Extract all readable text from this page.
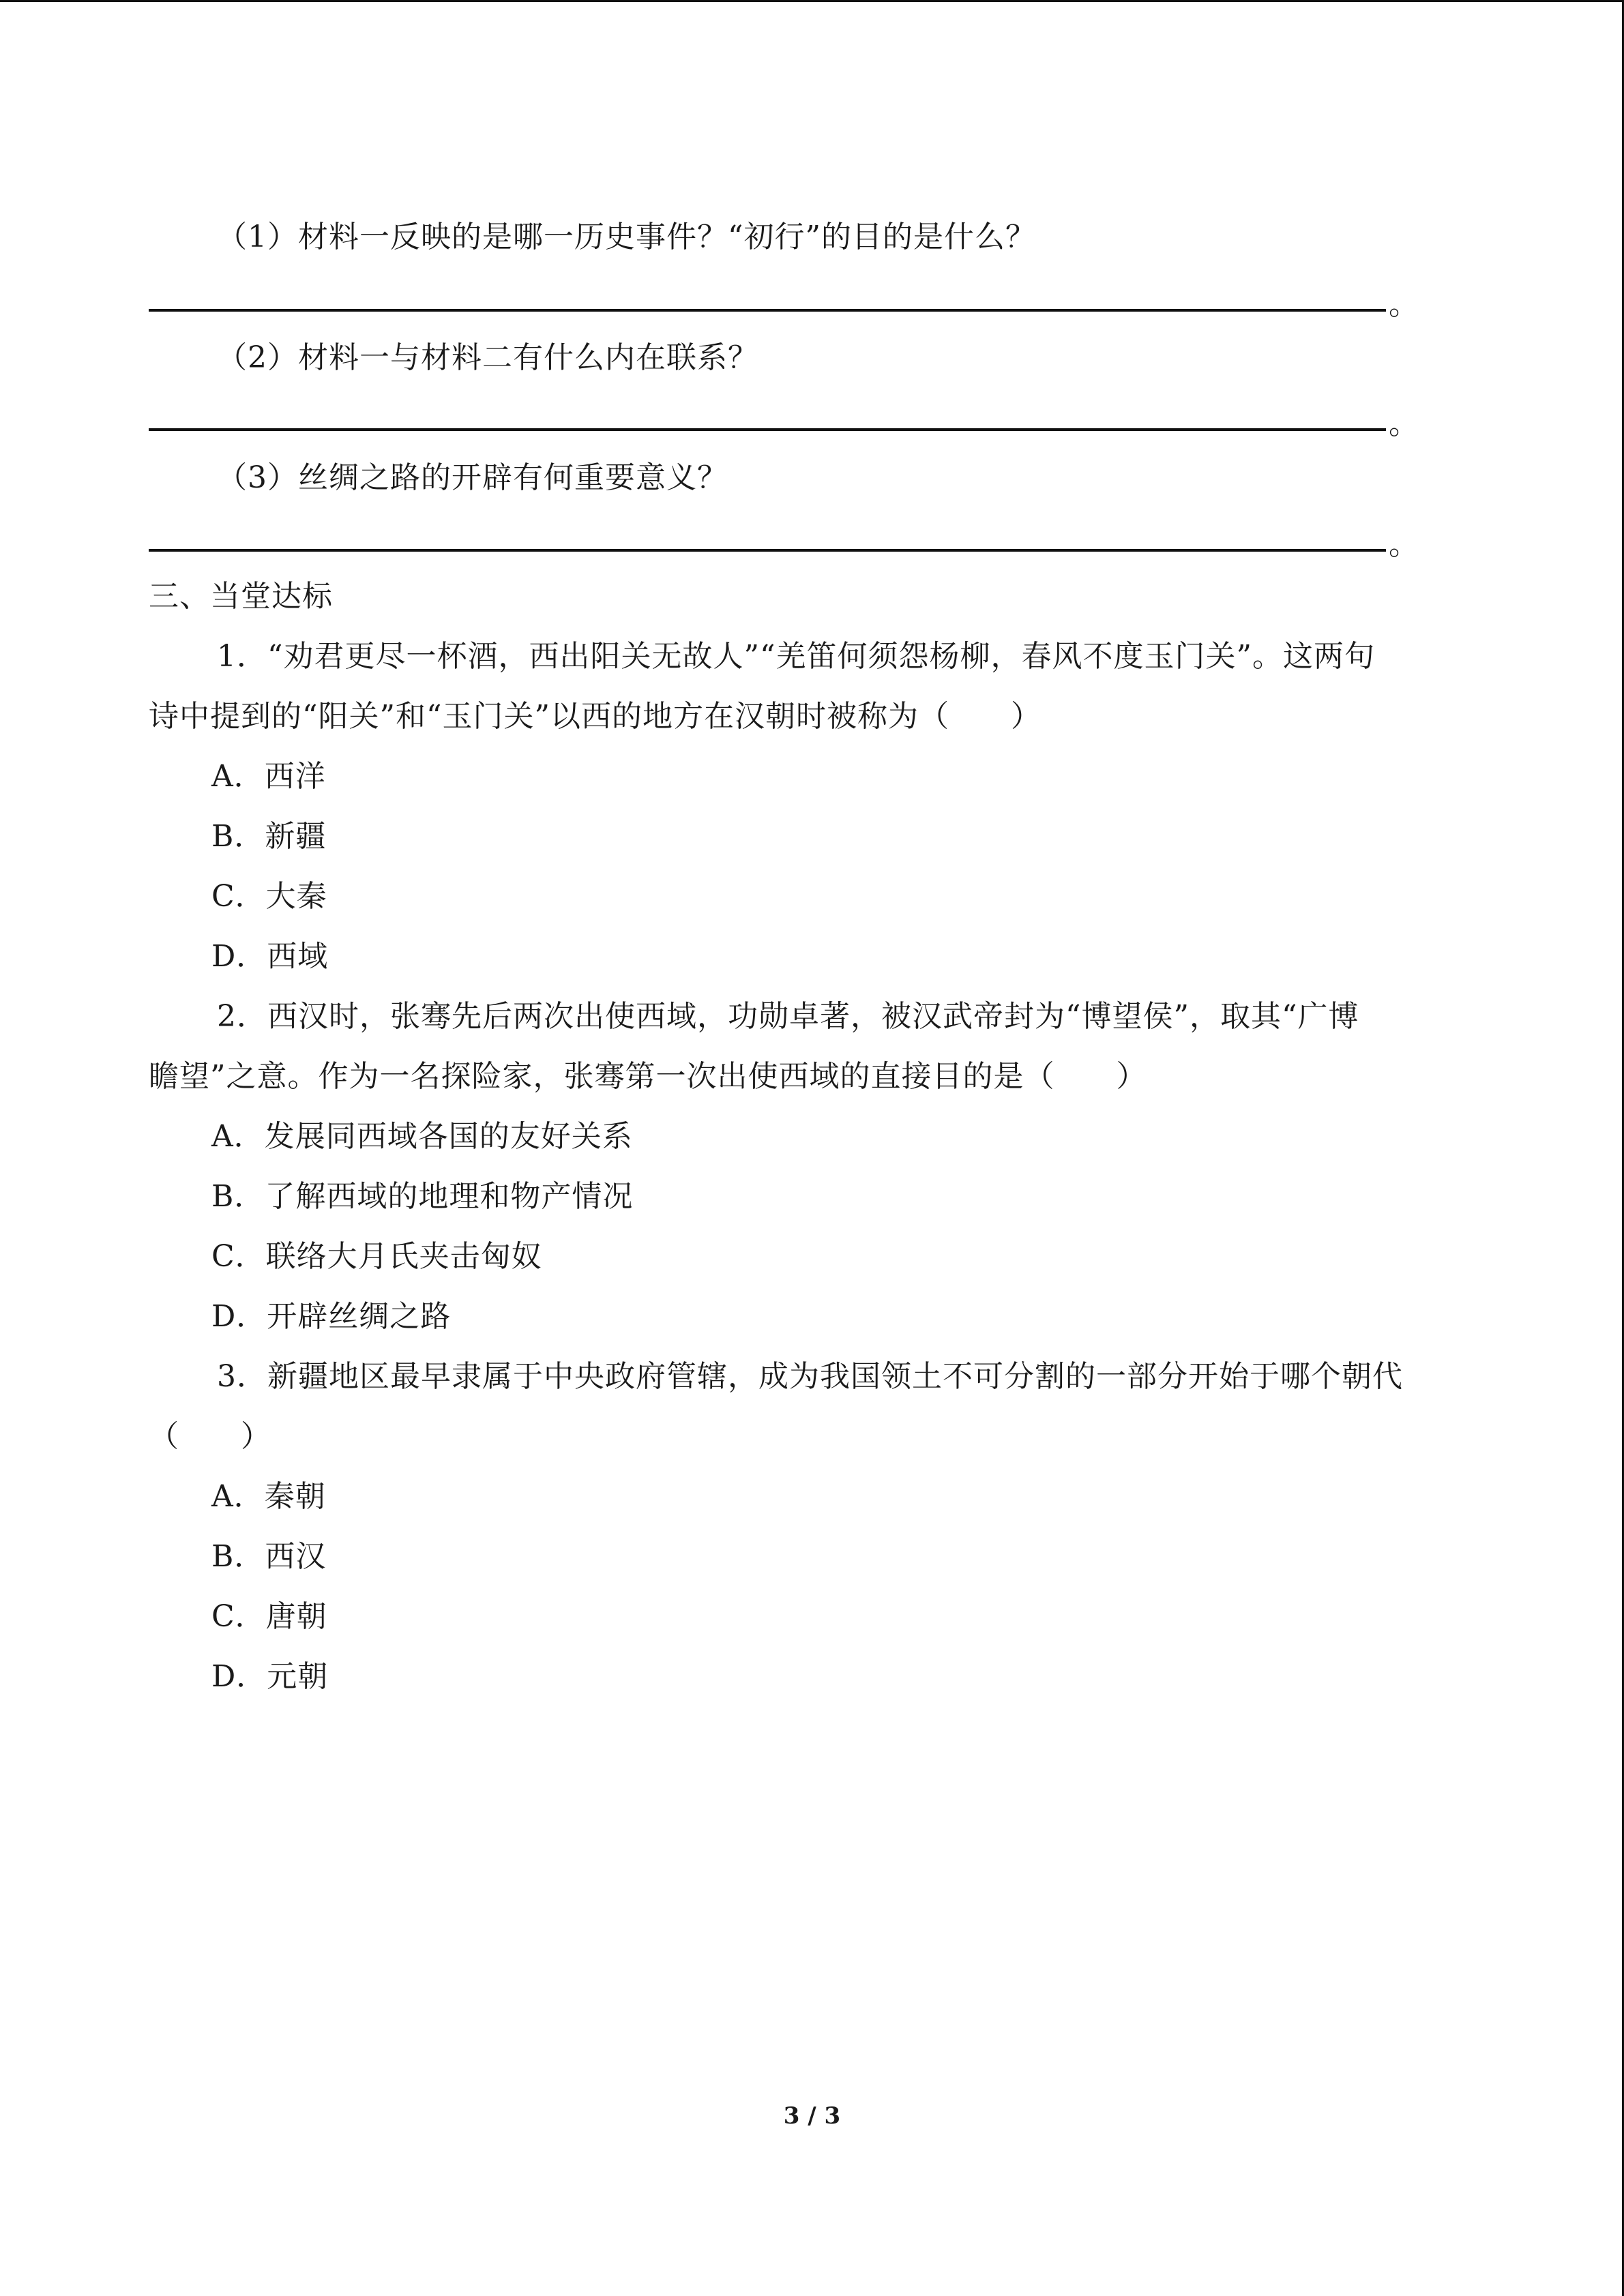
（1）材料一反映的是哪一历史事件？“初行”的目的是什么？
。
（2）材料一与材料二有什么内在联系？
。
（3）丝绸之路的开辟有何重要意义？
。
三、当堂达标
1．“劝君更尽一杯酒，西出阳关无故人”“羌笛何须怨杨柳，春风不度玉门关”。这两句
诗中提到的“阳关”和“玉门关”以西的地方在汉朝时被称为（　　）
A．西洋
B．新疆
C．大秦
D．西域
2．西汉时，张骞先后两次出使西域，功勋卓著，被汉武帝封为“博望侯”，取其“广博
瞻望”之意。作为一名探险家，张骞第一次出使西域的直接目的是（　　）
A．发展同西域各国的友好关系
B．了解西域的地理和物产情况
C．联络大月氏夹击匈奴
D．开辟丝绸之路
3．新疆地区最早隶属于中央政府管辖，成为我国领土不可分割的一部分开始于哪个朝代
（　　）
A．秦朝
B．西汉
C．唐朝
D．元朝
3 / 3
